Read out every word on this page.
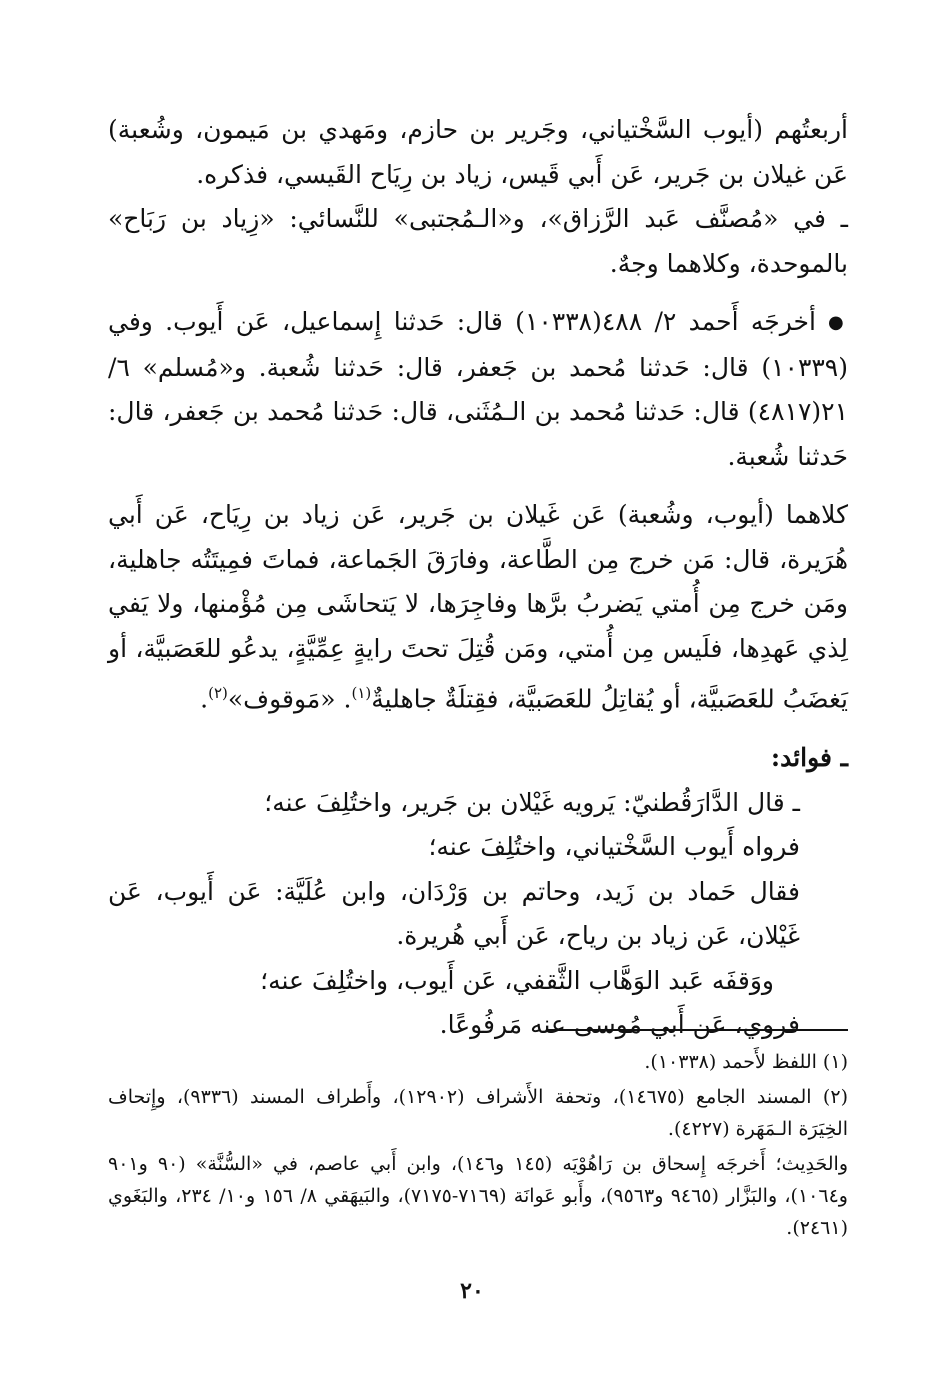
أربعتُهم (أيوب السَّخْتياني، وجَرير بن حازم، ومَهدي بن مَيمون، وشُعبة) عَن غيلان بن جَرير، عَن أَبي قَيس، زياد بن رِيَاح القَيسي، فذكره.

ـ في «مُصنَّف عَبد الرَّزاق»، و«الـمُجتبى» للنَّسائي: «زِياد بن رَبَاح» بالموحدة، وكلاهما وجهٌ.

● أخرجَه أَحمد ٢/ ٤٨٨(١٠٣٣٨) قال: حَدثنا إِسماعيل، عَن أَيوب. وفي (١٠٣٣٩) قال: حَدثنا مُحمد بن جَعفر، قال: حَدثنا شُعبة. و«مُسلم» ٦/ ٢١(٤٨١٧) قال: حَدثنا مُحمد بن الـمُثَنى، قال: حَدثنا مُحمد بن جَعفر، قال: حَدثنا شُعبة.

كلاهما (أيوب، وشُعبة) عَن غَيلان بن جَرير، عَن زياد بن رِيَاح، عَن أَبي هُرَيرة، قال: مَن خرج مِن الطَّاعة، وفارَقَ الجَماعة، فماتَ فمِيتَتُه جاهلية، ومَن خرج مِن أُمتي يَضربُ برَّها وفاجِرَها، لا يَتحاشَى مِن مُؤْمنها، ولا يَفي لِذي عَهدِها، فلَيس مِن أُمتي، ومَن قُتِلَ تحتَ رايةٍ عِمِّيَّةٍ، يدعُو للعَصَبيَّة، أو يَغضَبُ للعَصَبيَّة، أو يُقاتِلُ للعَصَبيَّة، فقِتلَةٌ جاهليةٌ$^{(١)}$. «مَوقوف»$^{(٢)}$.

ـ فوائد:

ـ قال الدَّارَقُطنيّ: يَرويه غَيْلان بن جَرير، واختُلِفَ عنه؛

فرواه أَيوب السَّخْتياني، واختُلِفَ عنه؛

فقال حَماد بن زَيد، وحاتم بن وَرْدَان، وابن عُلَيَّة: عَن أَيوب، عَن غَيْلان، عَن زياد بن رياح، عَن أَبي هُريرة.

ووَقفَه عَبد الوَهَّاب الثَّقفي، عَن أَيوب، واختُلِفَ عنه؛

فروي، عَن أَبي مُوسى عنه مَرفُوعًا.

(١) اللفظ لأَحمد (١٠٣٣٨).

(٢) المسند الجامع (١٤٦٧٥)، وتحفة الأَشراف (١٢٩٠٢)، وأَطراف المسند (٩٣٣٦)، وإِتحاف الخِيَرَة الـمَهَرة (٤٢٢٧).

والحَدِيث؛ أَخرجَه إِسحاق بن رَاهُوْيَه (١٤٥ و١٤٦)، وابن أَبي عاصم، في «السُّنَّة» (٩٠ و٩٠١ و١٠٦٤)، والبَزَّار (٩٤٦٥ و٩٥٦٣)، وأَبو عَوانَة (٧١٦٩-٧١٧٥)، والبَيهَقي ٨/ ١٥٦ و١٠/ ٢٣٤، والبَغَوي (٢٤٦١).

٢٠
